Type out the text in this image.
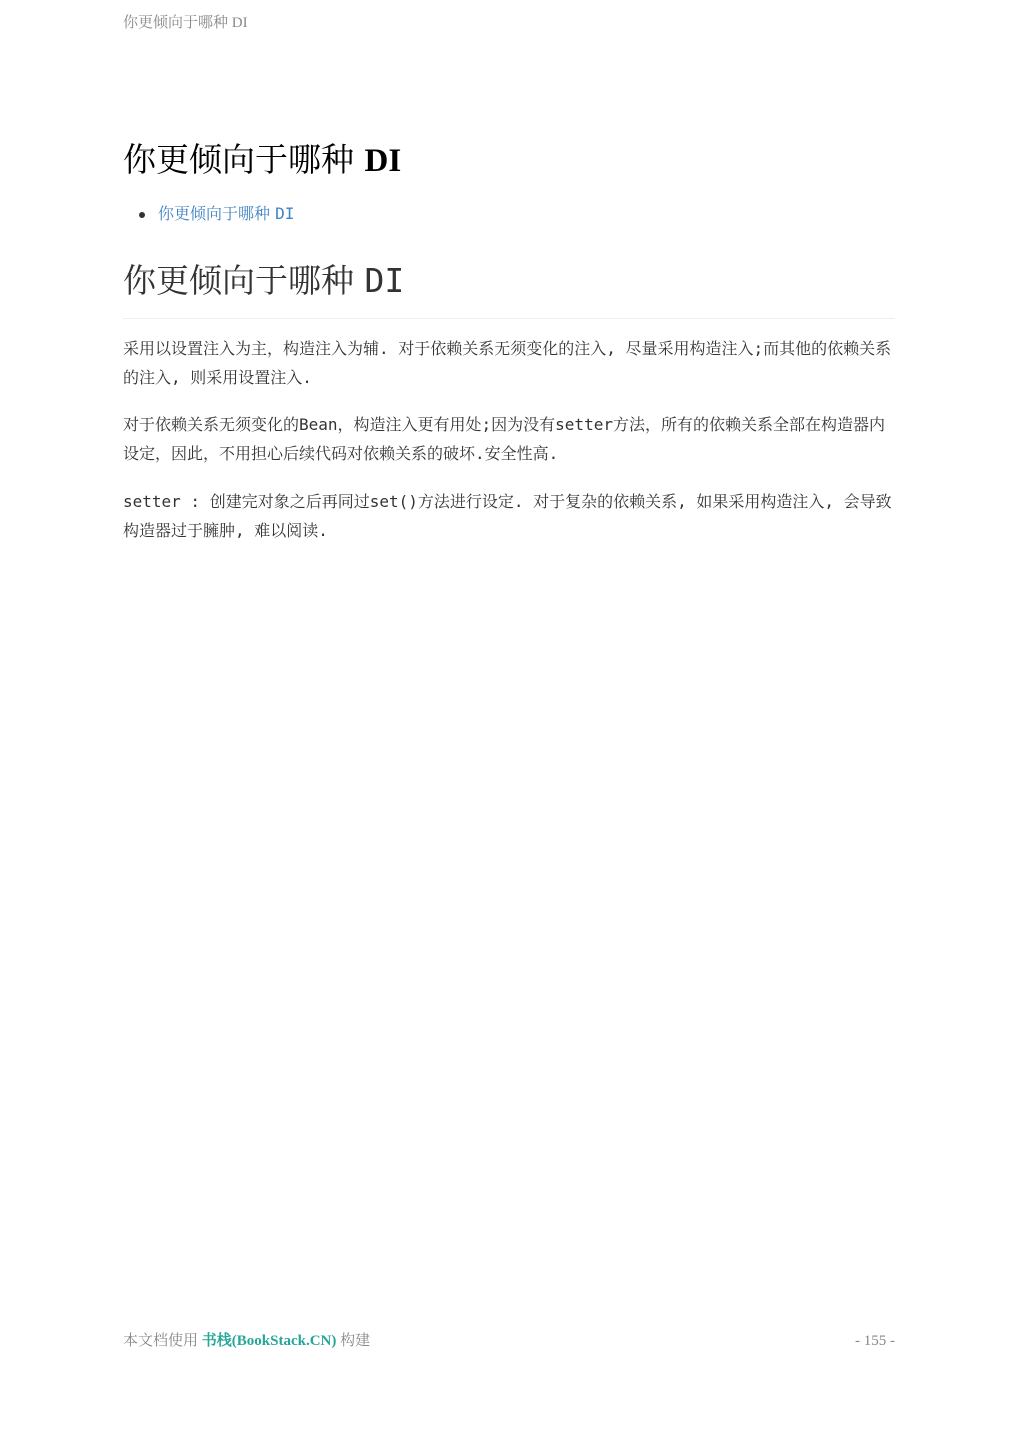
你更倾向于哪种 DI
你更倾向于哪种 DI
你更倾向于哪种 DI
你更倾向于哪种 DI

采用以设置注入为主，构造注入为辅. 对于依赖关系无须变化的注入, 尽量采用构造注入;而其他的依赖关系的注入, 则采用设置注入.

对于依赖关系无须变化的Bean，构造注入更有用处;因为没有setter方法，所有的依赖关系全部在构造器内设定，因此，不用担心后续代码对依赖关系的破坏.安全性高.

setter : 创建完对象之后再同过set()方法进行设定. 对于复杂的依赖关系, 如果采用构造注入, 会导致构造器过于臃肿, 难以阅读.

本文档使用 书栈(BookStack.CN) 构建	- 155 -
